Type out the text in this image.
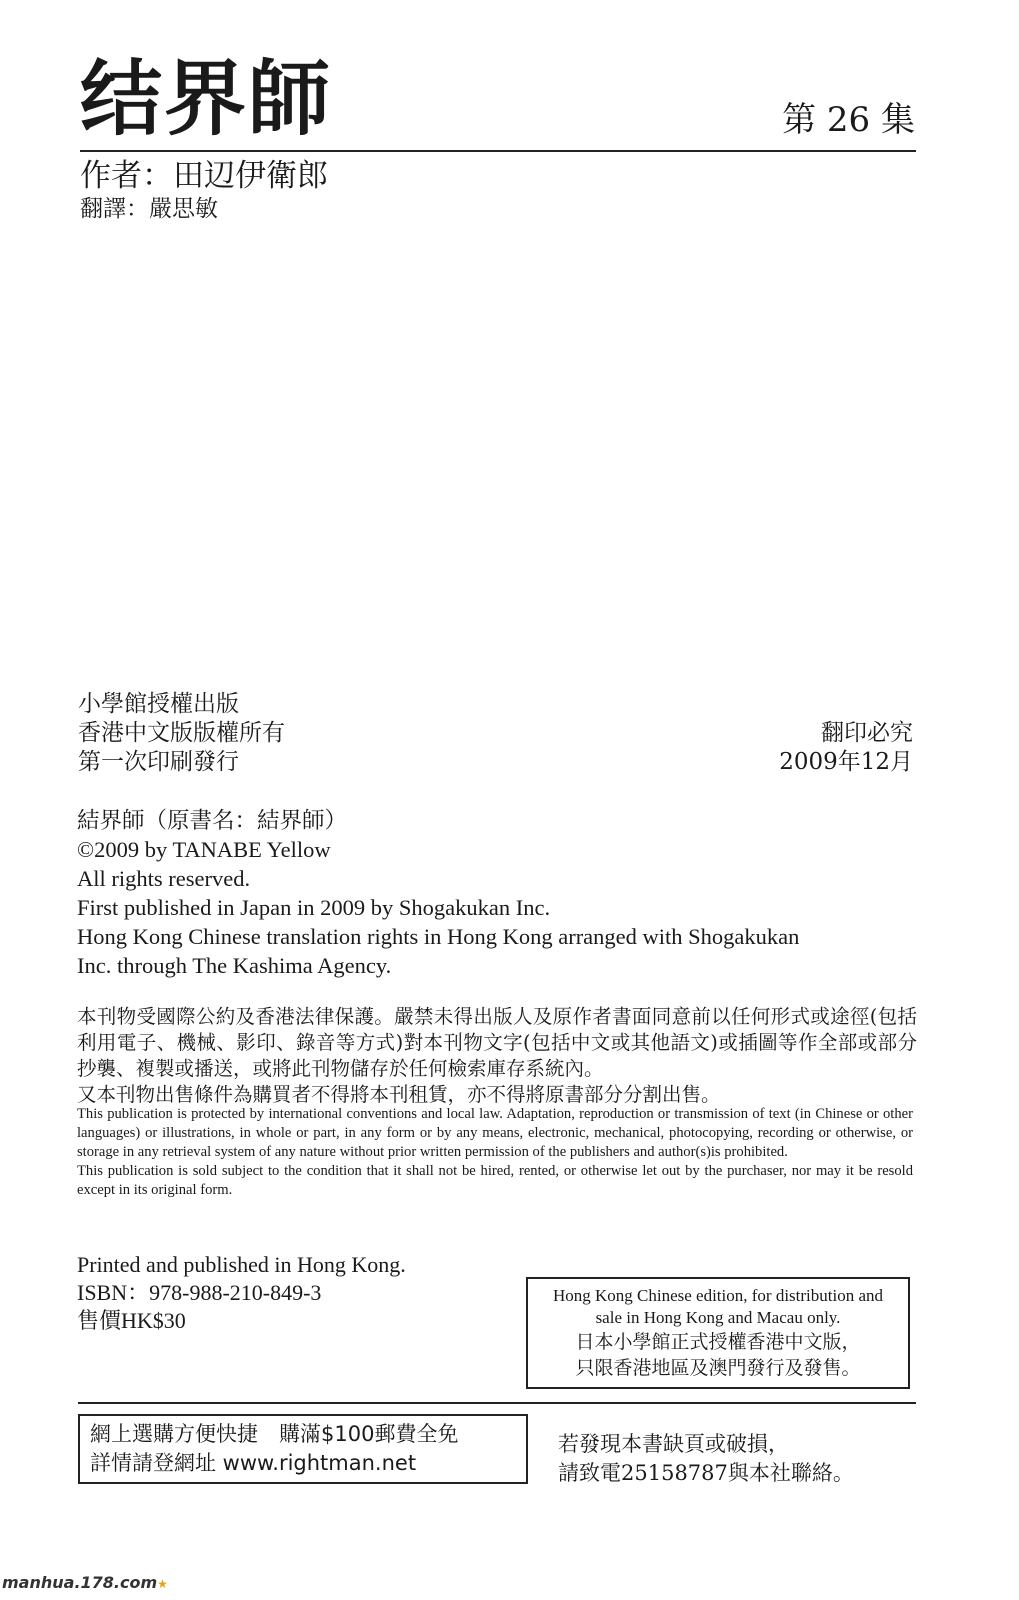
结界師	第 26 集
作者：田辺伊衛郎
翻譯：嚴思敏
小學館授權出版
香港中文版版權所有
第一次印刷發行
翻印必究
2009年12月
結界師（原書名：結界師）
©2009 by TANABE Yellow
All rights reserved.
First published in Japan in 2009 by Shogakukan Inc.
Hong Kong Chinese translation rights in Hong Kong arranged with Shogakukan
Inc. through The Kashima Agency.
本刊物受國際公約及香港法律保護。嚴禁未得出版人及原作者書面同意前以任何形式或途徑(包括利用電子、機械、影印、錄音等方式)對本刊物文字(包括中文或其他語文)或插圖等作全部或部分抄襲、複製或播送，或將此刊物儲存於任何檢索庫存系統內。
又本刊物出售條件為購買者不得將本刊租賃，亦不得將原書部分分割出售。

This publication is protected by international conventions and local law. Adaptation, reproduction or transmission of text (in Chinese or other languages) or illustrations, in whole or part, in any form or by any means, electronic, mechanical, photocopying, recording or otherwise, or storage in any retrieval system of any nature without prior written permission of the publishers and author(s)is prohibited.

This publication is sold subject to the condition that it shall not be hired, rented, or otherwise let out by the purchaser, nor may it be resold except in its original form.

Printed and published in Hong Kong.
ISBN：978-988-210-849-3
售價HK$30
Hong Kong Chinese edition, for distribution and
sale in Hong Kong and Macau only.
日本小學館正式授權香港中文版，
只限香港地區及澳門發行及發售。
網上選購方便快捷　購滿$100郵費全免
詳情請登網址 www.rightman.net
若發現本書缺頁或破損，
請致電25158787與本社聯絡。
manhua.178.com★
